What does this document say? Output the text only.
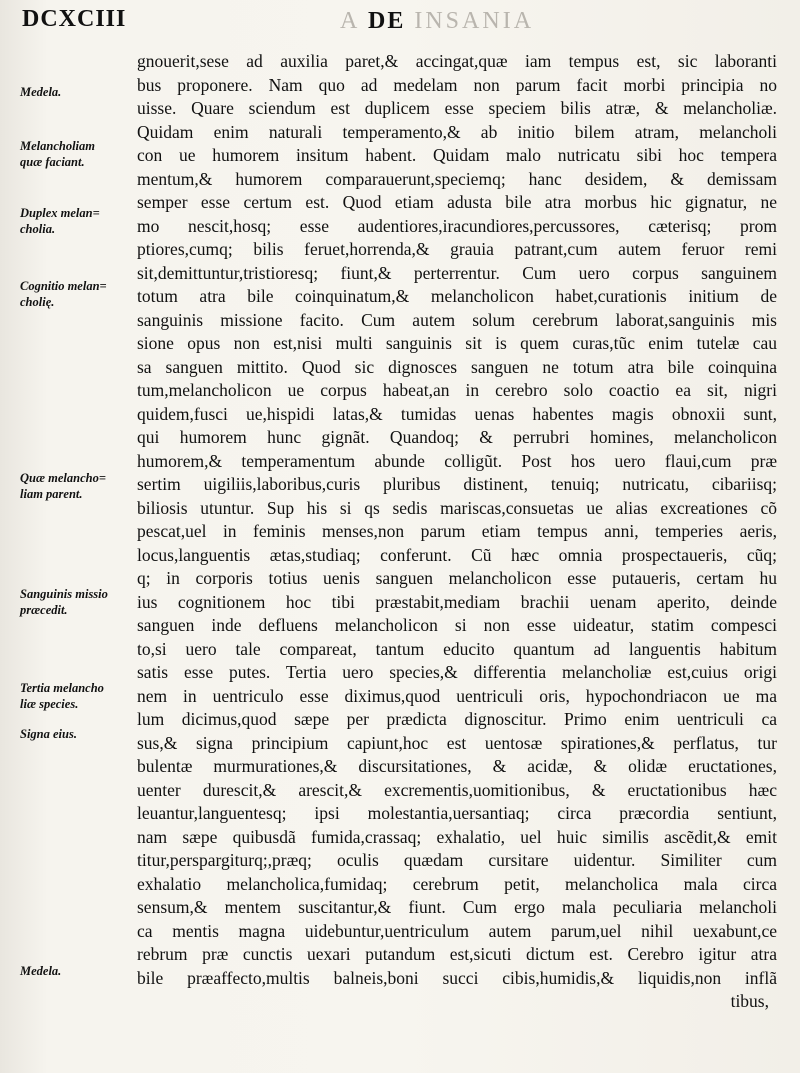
DCXCIII	A DE INSANIA
Medela.
Melancholiam
quæ faciant.
Duplex melan=
cholia.
Cognitio melan=
cholię.
Quæ melancho=
liam parent.
Sanguinis missio
præcedit.
Tertia melancho
liæ species.
Signa eius.
Medela.
gnouerit,sese ad auxilia paret,& accingat,quæ iam tempus est, sic laboranti
bus proponere. Nam quo ad medelam non parum facit morbi principia no
uisse. Quare sciendum est duplicem esse speciem bilis atræ, & melancholiæ.
Quidam enim naturali temperamento,& ab initio bilem atram, melancholi
con ue humorem insitum habent. Quidam malo nutricatu sibi hoc tempera
mentum,& humorem comparauerunt,speciemq; hanc desidem, & demissam
semper esse certum est. Quod etiam adusta bile atra morbus hic gignatur, ne
mo nescit,hosq; esse audentiores,iracundiores,percussores, cæterisq; prom
ptiores,cumq; bilis feruet,horrenda,& grauia patrant,cum autem feruor remi
sit,demittuntur,tristioresq; fiunt,& perterrentur. Cum uero corpus sanguinem
totum atra bile coinquinatum,& melancholicon habet,curationis initium de
sanguinis missione facito. Cum autem solum cerebrum laborat,sanguinis mis
sione opus non est,nisi multi sanguinis sit is quem curas,tũc enim tutelæ cau
sa sanguen mittito. Quod sic dignosces sanguen ne totum atra bile coinquina
tum,melancholicon ue corpus habeat,an in cerebro solo coactio ea sit, nigri
quidem,fusci ue,hispidi latas,& tumidas uenas habentes magis obnoxii sunt,
qui humorem hunc gignãt. Quandoq; & perrubri homines, melancholicon
humorem,& temperamentum abunde colligũt. Post hos uero flaui,cum præ
sertim uigiliis,laboribus,curis pluribus distinent, tenuiq; nutricatu, cibariisq;
biliosis utuntur. Sup his si qs sedis mariscas,consuetas ue alias excreationes cõ
pescat,uel in feminis menses,non parum etiam tempus anni, temperies aeris,
locus,languentis ætas,studiaq; conferunt. Cũ hæc omnia prospectaueris, cũq;
q; in corporis totius uenis sanguen melancholicon esse putaueris, certam hu
ius cognitionem hoc tibi præstabit,mediam brachii uenam aperito, deinde
sanguen inde defluens melancholicon si non esse uideatur, statim compesci
to,si uero tale compareat, tantum educito quantum ad languentis habitum
satis esse putes. Tertia uero species,& differentia melancholiæ est,cuius origi
nem in uentriculo esse diximus,quod uentriculi oris, hypochondriacon ue ma
lum dicimus,quod sæpe per prædicta dignoscitur. Primo enim uentriculi ca
sus,& signa principium capiunt,hoc est uentosæ spirationes,& perflatus, tur
bulentæ murmurationes,& discursitationes, & acidæ, & olidæ eructationes,
uenter durescit,& arescit,& excrementis,uomitionibus, & eructationibus hæc
leuantur,languentesq; ipsi molestantia,uersantiaq; circa præcordia sentiunt,
nam sæpe quibusdã fumida,crassaq; exhalatio, uel huic similis ascẽdit,& emit
titur,perspargiturq;,præq; oculis quædam cursitare uidentur. Similiter cum
exhalatio melancholica,fumidaq; cerebrum petit, melancholica mala circa
sensum,& mentem suscitantur,& fiunt. Cum ergo mala peculiaria melancholi
ca mentis magna uidebuntur,uentriculum autem parum,uel nihil uexabunt,ce
rebrum præ cunctis uexari putandum est,sicuti dictum est. Cerebro igitur atra
bile præaffecto,multis balneis,boni succi cibis,humidis,& liquidis,non inflã
tibus,
